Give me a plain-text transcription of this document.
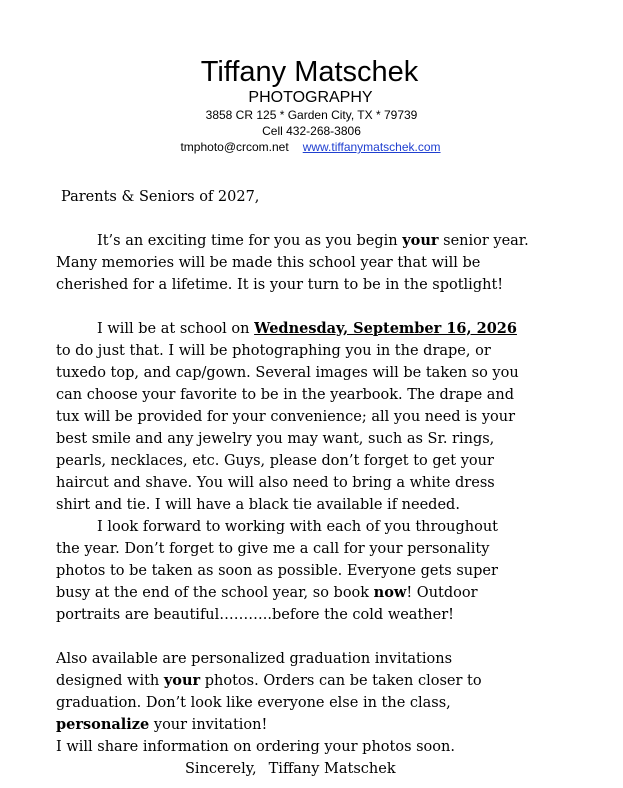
Tiffany Matschek
PHOTOGRAPHY
3858 CR 125 * Garden City, TX * 79739
Cell 432-268-3806
tmphoto@crcom.net www.tiffanymatschek.com
Parents & Seniors of 2027,
It’s an exciting time for you as you begin your senior year.
Many memories will be made this school year that will be
cherished for a lifetime. It is your turn to be in the spotlight!
I will be at school on Wednesday, September 16, 2026
to do just that. I will be photographing you in the drape, or
tuxedo top, and cap/gown. Several images will be taken so you
can choose your favorite to be in the yearbook. The drape and
tux will be provided for your convenience; all you need is your
best smile and any jewelry you may want, such as Sr. rings,
pearls, necklaces, etc. Guys, please don’t forget to get your
haircut and shave. You will also need to bring a white dress
shirt and tie. I will have a black tie available if needed.
I look forward to working with each of you throughout
the year. Don’t forget to give me a call for your personality
photos to be taken as soon as possible. Everyone gets super
busy at the end of the school year, so book now! Outdoor
portraits are beautiful………..before the cold weather!
Also available are personalized graduation invitations
designed with your photos. Orders can be taken closer to
graduation. Don’t look like everyone else in the class,
personalize your invitation!
I will share information on ordering your photos soon.
Sincerely, Tiffany Matschek
